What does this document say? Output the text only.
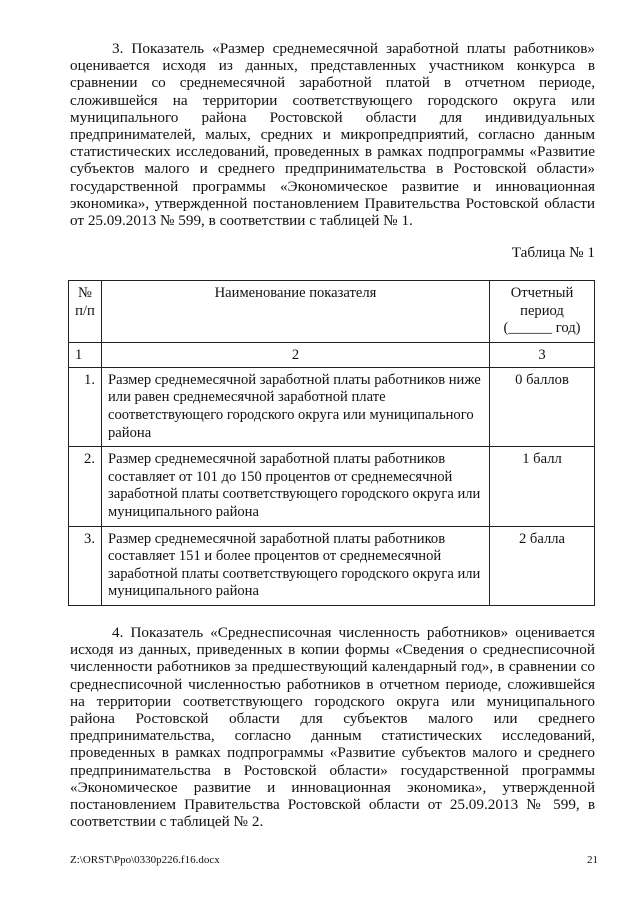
3. Показатель «Размер среднемесячной заработной платы работников» оценивается исходя из данных, представленных участником конкурса в сравнении со среднемесячной заработной платой в отчетном периоде, сложившейся на территории соответствующего городского округа или муниципального района Ростовской области для индивидуальных предпринимателей, малых, средних и микропредприятий, согласно данным статистических исследований, проведенных в рамках подпрограммы «Развитие субъектов малого и среднего предпринимательства в Ростовской области» государственной программы «Экономическое развитие и инновационная экономика», утвержденной постановлением Правительства Ростовской области от 25.09.2013 № 599, в соответствии с таблицей № 1.

Таблица № 1
№ п/п	Наименование показателя	Отчетный период (______ год)
1	2	3
1.	Размер среднемесячной заработной платы работников ниже или равен среднемесячной заработной плате соответствующего городского округа или муниципального района	0 баллов
2.	Размер среднемесячной заработной платы работников составляет от 101 до 150 процентов от среднемесячной заработной платы соответствующего городского округа или муниципального района	1 балл
3.	Размер среднемесячной заработной платы работников составляет 151 и более процентов от среднемесячной заработной платы соответствующего городского округа или муниципального района	2 балла

4. Показатель «Среднесписочная численность работников» оценивается исходя из данных, приведенных в копии формы «Сведения о среднесписочной численности работников за предшествующий календарный год», в сравнении со среднесписочной численностью работников в отчетном периоде, сложившейся на территории соответствующего городского округа или муниципального района Ростовской области для субъектов малого или среднего предпринимательства, согласно данным статистических исследований, проведенных в рамках подпрограммы «Развитие субъектов малого и среднего предпринимательства в Ростовской области» государственной программы «Экономическое развитие и инновационная экономика», утвержденной постановлением Правительства Ростовской области от 25.09.2013 № 599, в соответствии с таблицей № 2.

Z:\ORST\Ppo\0330p226.f16.docx	21
